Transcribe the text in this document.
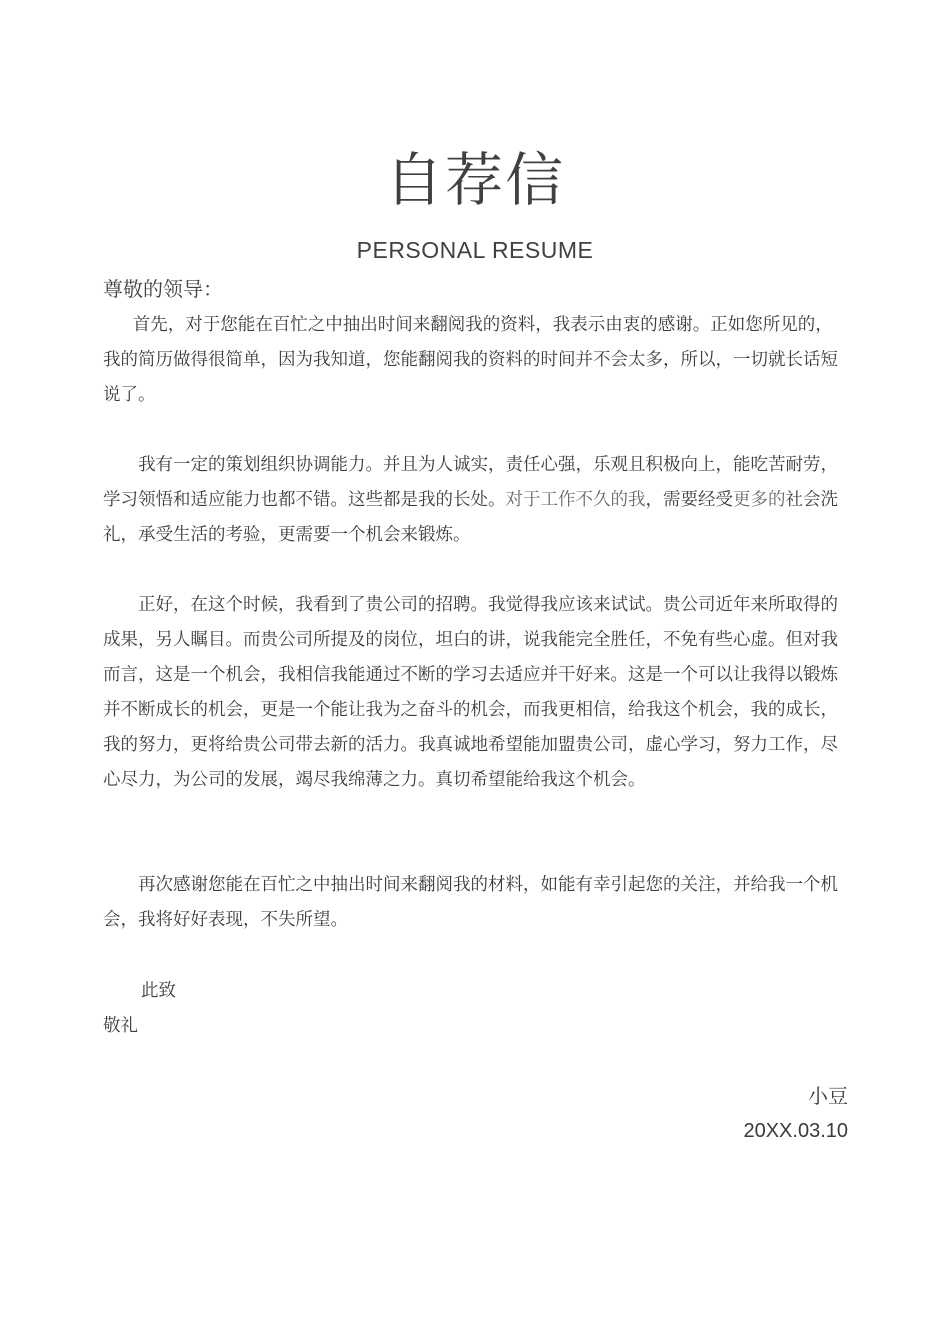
自荐信
PERSONAL RESUME
尊敬的领导：

首先，对于您能在百忙之中抽出时间来翻阅我的资料，我表示由衷的感谢。正如您所见的，我的简历做得很简单，因为我知道，您能翻阅我的资料的时间并不会太多，所以，一切就长话短说了。

我有一定的策划组织协调能力。并且为人诚实，责任心强，乐观且积极向上，能吃苦耐劳，学习领悟和适应能力也都不错。这些都是我的长处。对于工作不久的我，需要经受更多的社会洗礼，承受生活的考验，更需要一个机会来锻炼。

正好，在这个时候，我看到了贵公司的招聘。我觉得我应该来试试。贵公司近年来所取得的成果，另人瞩目。而贵公司所提及的岗位，坦白的讲，说我能完全胜任，不免有些心虚。但对我而言，这是一个机会，我相信我能通过不断的学习去适应并干好来。这是一个可以让我得以锻炼并不断成长的机会，更是一个能让我为之奋斗的机会，而我更相信，给我这个机会，我的成长，我的努力，更将给贵公司带去新的活力。我真诚地希望能加盟贵公司，虚心学习，努力工作，尽心尽力，为公司的发展，竭尽我绵薄之力。真切希望能给我这个机会。

再次感谢您能在百忙之中抽出时间来翻阅我的材料，如能有幸引起您的关注，并给我一个机会，我将好好表现，不失所望。

此致
敬礼
小豆
20XX.03.10
